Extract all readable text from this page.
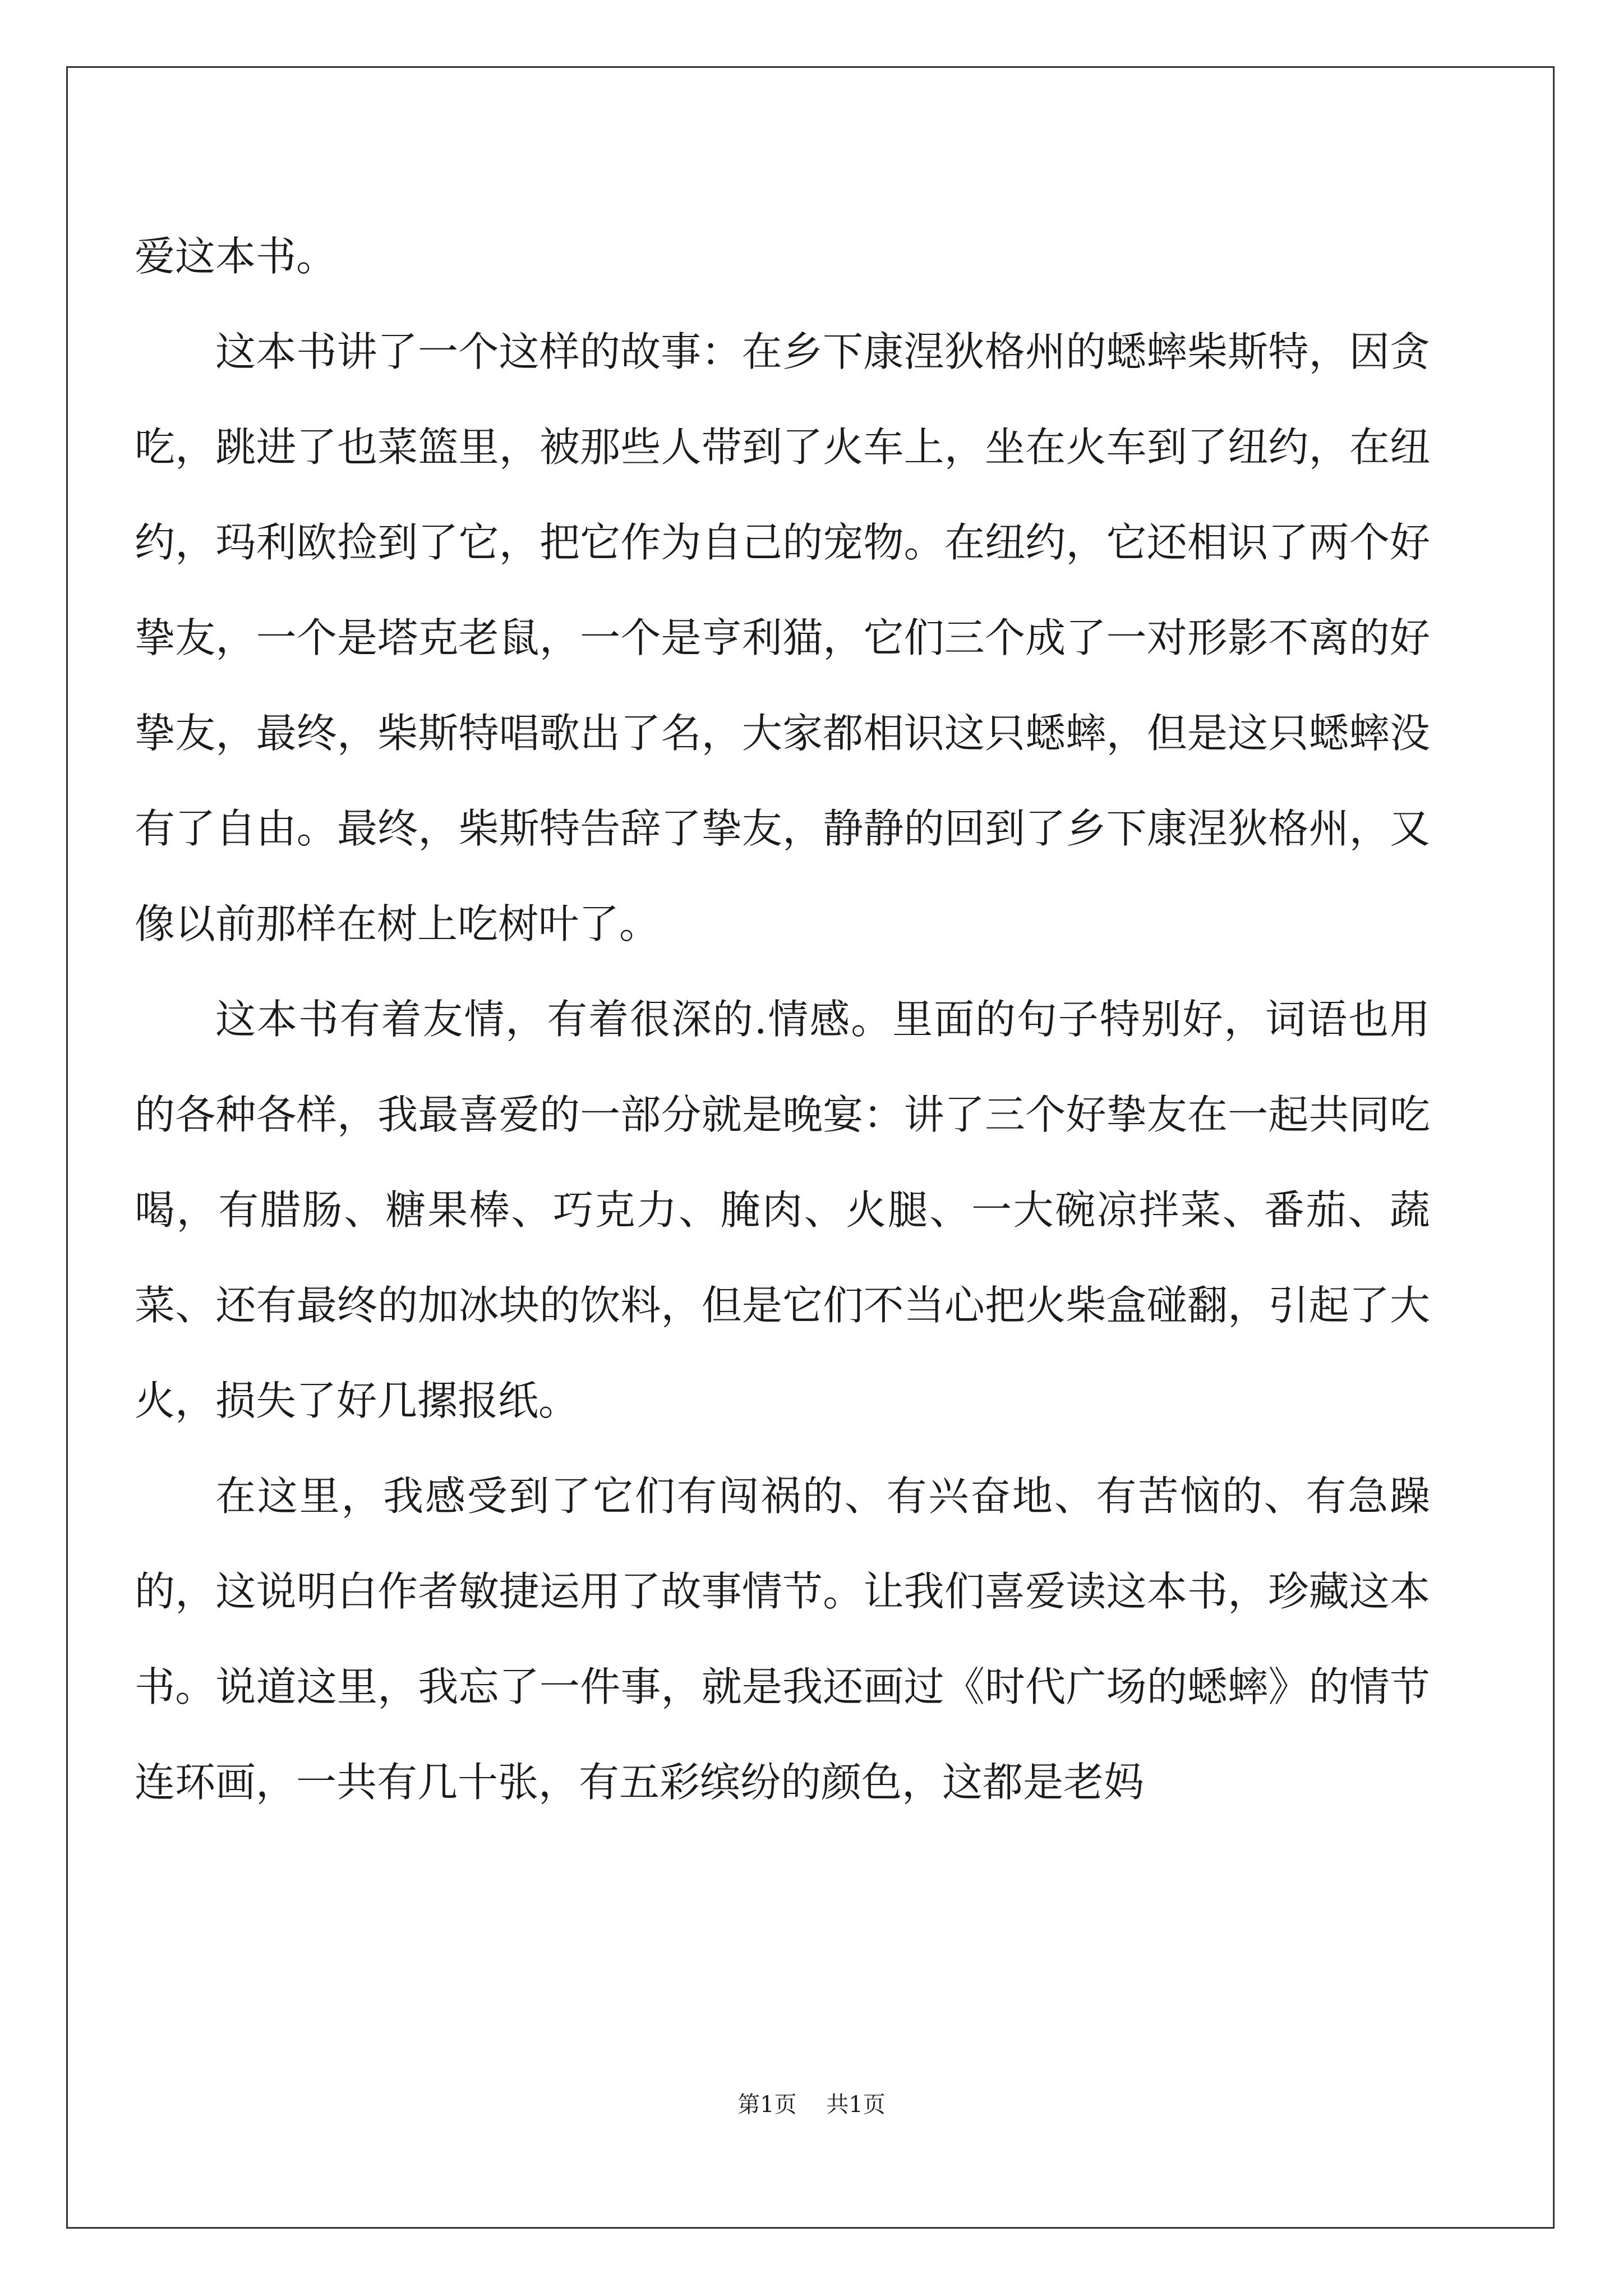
爱这本书。

这本书讲了一个这样的故事：在乡下康涅狄格州的蟋蟀柴斯特，因贪吃，跳进了也菜篮里，被那些人带到了火车上，坐在火车到了纽约，在纽约，玛利欧捡到了它，把它作为自己的宠物。在纽约，它还相识了两个好挚友，一个是塔克老鼠，一个是亨利猫，它们三个成了一对形影不离的好挚友，最终，柴斯特唱歌出了名，大家都相识这只蟋蟀，但是这只蟋蟀没有了自由。最终，柴斯特告辞了挚友，静静的回到了乡下康涅狄格州，又像以前那样在树上吃树叶了。

这本书有着友情，有着很深的.情感。里面的句子特别好，词语也用的各种各样，我最喜爱的一部分就是晚宴：讲了三个好挚友在一起共同吃喝，有腊肠、糖果棒、巧克力、腌肉、火腿、一大碗凉拌菜、番茄、蔬菜、还有最终的加冰块的饮料，但是它们不当心把火柴盒碰翻，引起了大火，损失了好几摞报纸。

在这里，我感受到了它们有闯祸的、有兴奋地、有苦恼的、有急躁的，这说明白作者敏捷运用了故事情节。让我们喜爱读这本书，珍藏这本书。说道这里，我忘了一件事，就是我还画过《时代广场的蟋蟀》的情节连环画，一共有几十张，有五彩缤纷的颜色，这都是老妈

第1页 共1页
